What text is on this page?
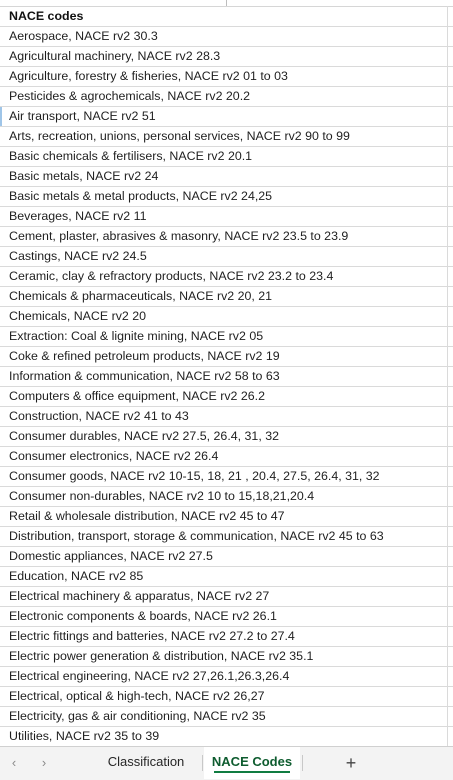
NACE codes
Aerospace, NACE rv2 30.3
Agricultural machinery, NACE rv2 28.3
Agriculture, forestry & fisheries, NACE rv2 01 to 03
Pesticides & agrochemicals, NACE rv2 20.2
Air transport, NACE rv2 51
Arts, recreation, unions, personal services, NACE rv2 90 to 99
Basic chemicals & fertilisers, NACE rv2 20.1
Basic metals, NACE rv2 24
Basic metals & metal products, NACE rv2 24,25
Beverages, NACE rv2 11
Cement, plaster, abrasives & masonry, NACE rv2 23.5 to 23.9
Castings, NACE rv2 24.5
Ceramic, clay & refractory products, NACE rv2 23.2 to 23.4
Chemicals & pharmaceuticals, NACE rv2 20, 21
Chemicals, NACE rv2 20
Extraction: Coal & lignite mining, NACE rv2 05
Coke & refined petroleum products, NACE rv2 19
Information & communication, NACE rv2 58 to 63
Computers & office equipment, NACE rv2 26.2
Construction, NACE rv2 41 to 43
Consumer durables, NACE rv2 27.5, 26.4, 31, 32
Consumer electronics, NACE rv2 26.4
Consumer goods, NACE rv2 10-15, 18, 21 , 20.4, 27.5, 26.4, 31, 32
Consumer non-durables, NACE rv2 10 to 15,18,21,20.4
Retail & wholesale distribution, NACE rv2 45 to 47
Distribution, transport, storage & communication, NACE rv2 45 to 63
Domestic appliances, NACE rv2 27.5
Education, NACE rv2 85
Electrical machinery & apparatus, NACE rv2 27
Electronic components & boards, NACE rv2 26.1
Electric fittings and batteries, NACE rv2 27.2 to 27.4
Electric power generation & distribution, NACE rv2 35.1
Electrical engineering, NACE rv2 27,26.1,26.3,26.4
Electrical, optical & high-tech, NACE rv2 26,27
Electricity, gas & air conditioning, NACE rv2 35
Utilities, NACE rv2 35 to 39
‹	›	Classification	NACE Codes	+
